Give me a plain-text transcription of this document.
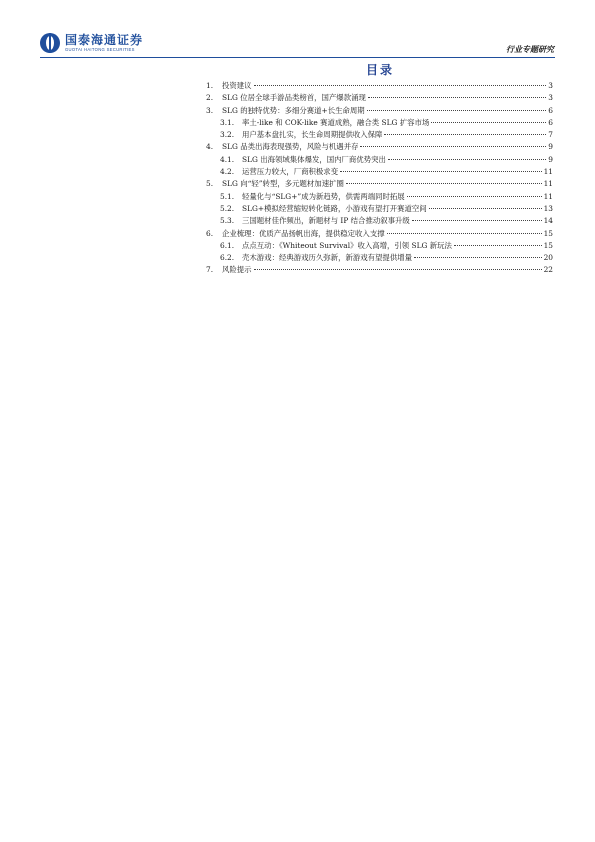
国泰海通证券
GUOTAI HAITONG SECURITIES	行业专题研究
目录
1.	投资建议	3
2.	SLG 位居全球手游品类榜首，国产爆款涌现	3
3.	SLG 的独特优势：多细分赛道+长生命周期	6
3.1.	率土-like 和 COK-like 赛道成熟，融合类 SLG 扩容市场	6
3.2.	用户基本盘扎实，长生命周期提供收入保障	7
4.	SLG 品类出海表现强势，风险与机遇并存	9
4.1.	SLG 出海领域集体爆发，国内厂商优势突出	9
4.2.	运营压力较大，厂商积极求变	11
5.	SLG 向“轻”转型，多元题材加速扩圈	11
5.1.	轻量化与“SLG+”成为新趋势，供需两端同时拓展	11
5.2.	SLG+模拟经营缩短转化链路，小游戏有望打开赛道空间	13
5.3.	三国题材佳作频出，新题材与 IP 结合推动叙事升级	14
6.	企业梳理：优质产品扬帆出海，提供稳定收入支撑	15
6.1.	点点互动：《Whiteout Survival》收入高增，引领 SLG 新玩法	15
6.2.	壳木游戏：经典游戏历久弥新，新游戏有望提供增量	20
7.	风险提示	22
